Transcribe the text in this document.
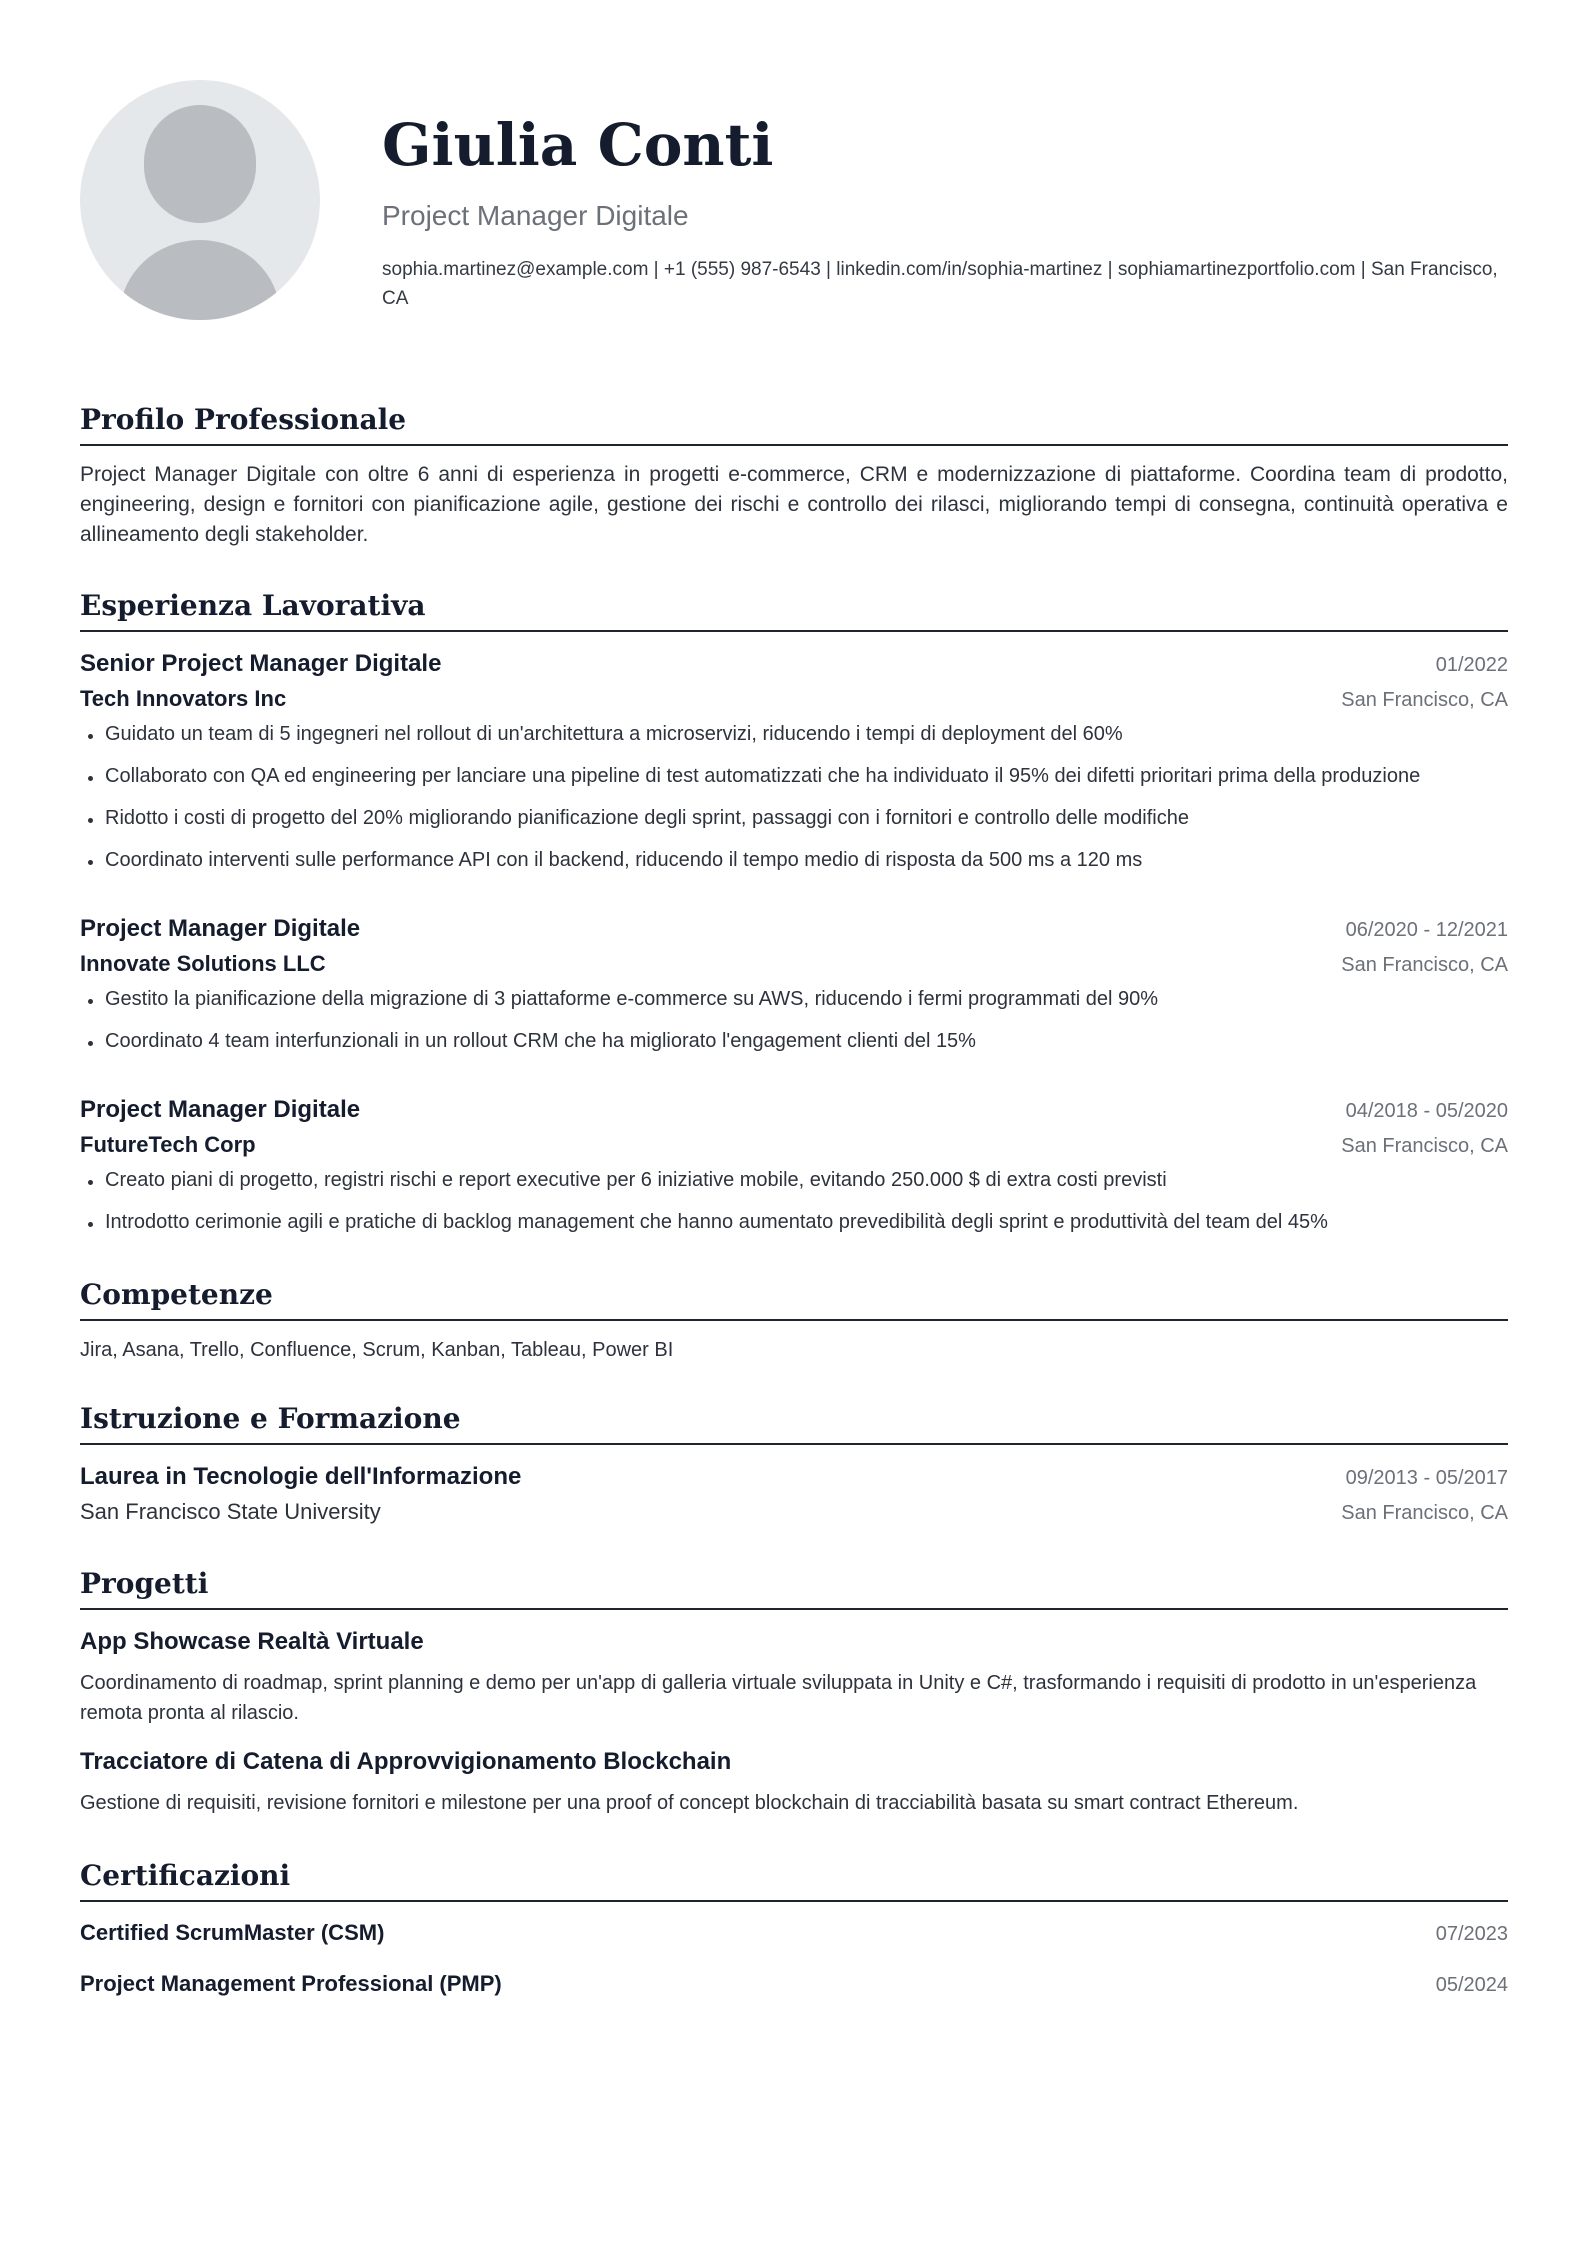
Giulia Conti
Project Manager Digitale
sophia.martinez@example.com | +1 (555) 987-6543 | linkedin.com/in/sophia-martinez | sophiamartinezportfolio.com | San Francisco, CA
Profilo Professionale
Project Manager Digitale con oltre 6 anni di esperienza in progetti e-commerce, CRM e modernizzazione di piattaforme. Coordina team di prodotto, engineering, design e fornitori con pianificazione agile, gestione dei rischi e controllo dei rilasci, migliorando tempi di consegna, continuità operativa e allineamento degli stakeholder.
Esperienza Lavorativa
Senior Project Manager Digitale	01/2022
Tech Innovators Inc	San Francisco, CA
Guidato un team di 5 ingegneri nel rollout di un'architettura a microservizi, riducendo i tempi di deployment del 60%
Collaborato con QA ed engineering per lanciare una pipeline di test automatizzati che ha individuato il 95% dei difetti prioritari prima della produzione
Ridotto i costi di progetto del 20% migliorando pianificazione degli sprint, passaggi con i fornitori e controllo delle modifiche
Coordinato interventi sulle performance API con il backend, riducendo il tempo medio di risposta da 500 ms a 120 ms
Project Manager Digitale	06/2020 - 12/2021
Innovate Solutions LLC	San Francisco, CA
Gestito la pianificazione della migrazione di 3 piattaforme e-commerce su AWS, riducendo i fermi programmati del 90%
Coordinato 4 team interfunzionali in un rollout CRM che ha migliorato l'engagement clienti del 15%
Project Manager Digitale	04/2018 - 05/2020
FutureTech Corp	San Francisco, CA
Creato piani di progetto, registri rischi e report executive per 6 iniziative mobile, evitando 250.000 $ di extra costi previsti
Introdotto cerimonie agili e pratiche di backlog management che hanno aumentato prevedibilità degli sprint e produttività del team del 45%
Competenze
Jira, Asana, Trello, Confluence, Scrum, Kanban, Tableau, Power BI
Istruzione e Formazione
Laurea in Tecnologie dell'Informazione	09/2013 - 05/2017
San Francisco State University	San Francisco, CA
Progetti
App Showcase Realtà Virtuale
Coordinamento di roadmap, sprint planning e demo per un'app di galleria virtuale sviluppata in Unity e C#, trasformando i requisiti di prodotto in un'esperienza remota pronta al rilascio.
Tracciatore di Catena di Approvvigionamento Blockchain
Gestione di requisiti, revisione fornitori e milestone per una proof of concept blockchain di tracciabilità basata su smart contract Ethereum.
Certificazioni
Certified ScrumMaster (CSM)	07/2023
Project Management Professional (PMP)	05/2024
